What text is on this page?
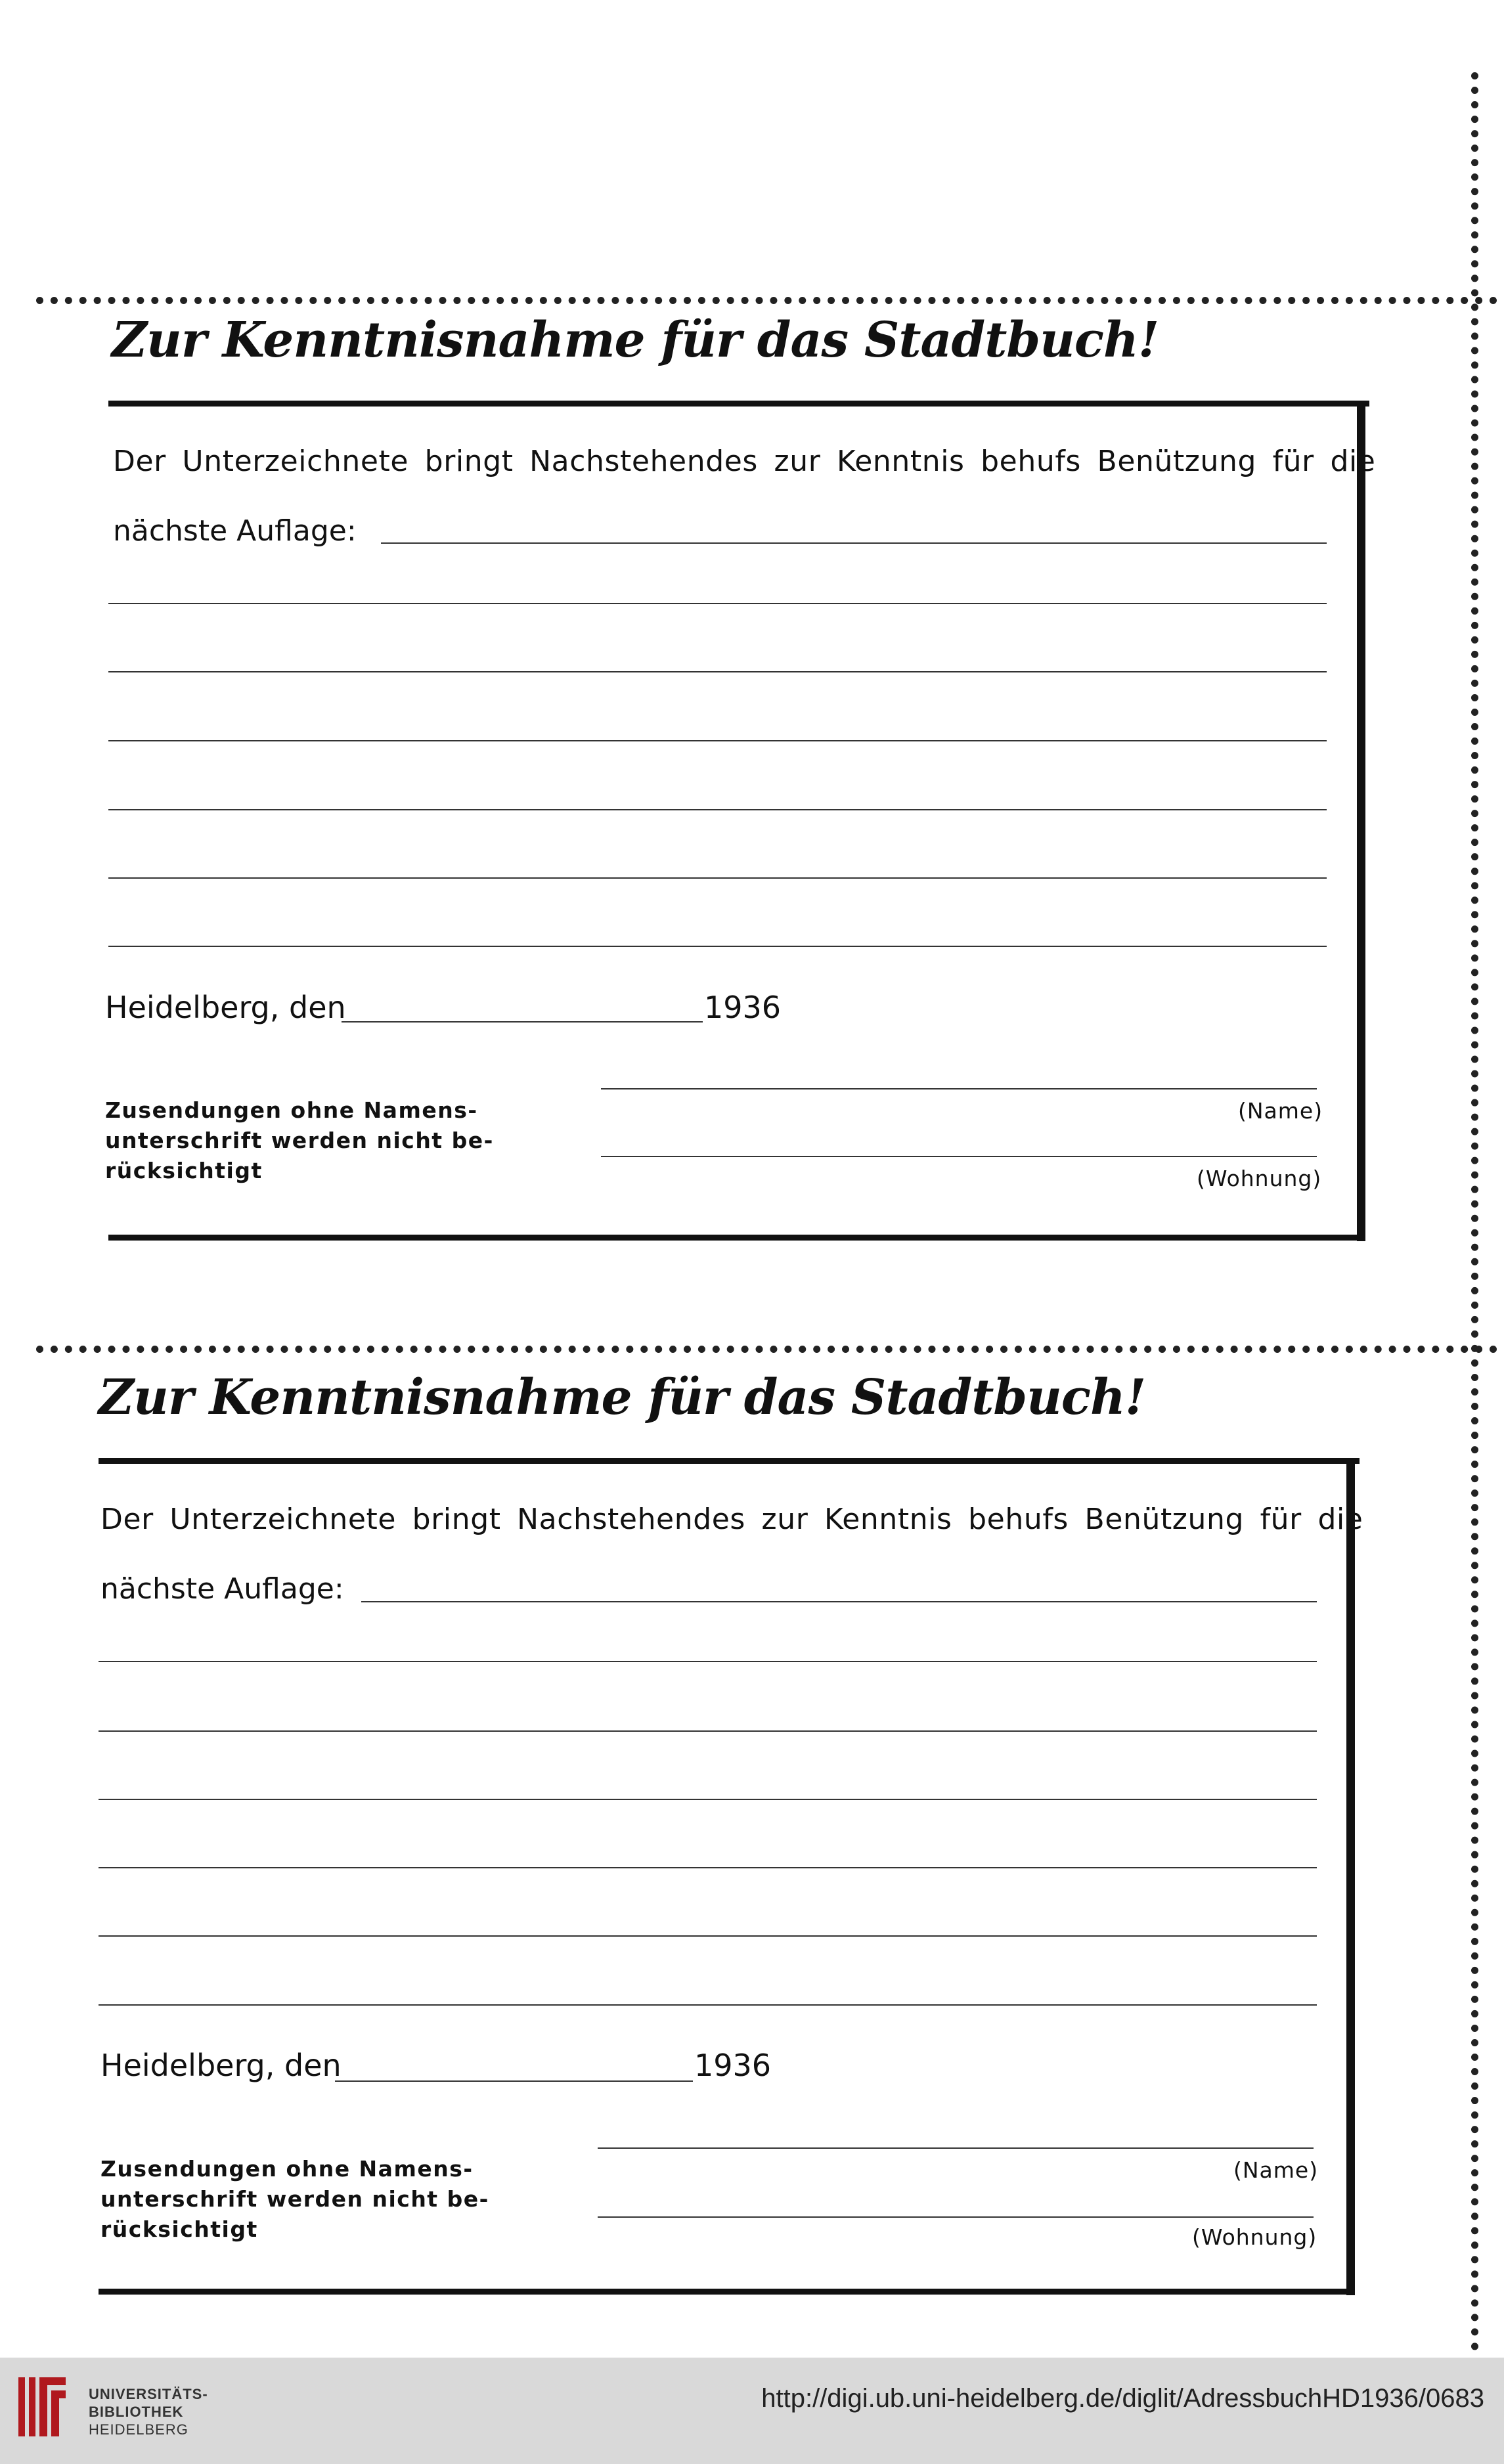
Zur Kenntnisnahme für das Stadtbuch!

Der Unterzeichnete bringt Nachstehendes zur Kenntnis behufs Benützung für die

nächste Auflage:
Heidelberg, den	1936

Zusendungen ohne Namens-
unterschrift werden nicht be-
rücksichtigt

(Name)
(Wohnung)
Zur Kenntnisnahme für das Stadtbuch!

Der Unterzeichnete bringt Nachstehendes zur Kenntnis behufs Benützung für die

nächste Auflage:
Heidelberg, den	1936

Zusendungen ohne Namens-
unterschrift werden nicht be-
rücksichtigt

(Name)
(Wohnung)
UNIVERSITÄTS-
BIBLIOTHEK
HEIDELBERG
http://digi.ub.uni-heidelberg.de/diglit/AdressbuchHD1936/0683
